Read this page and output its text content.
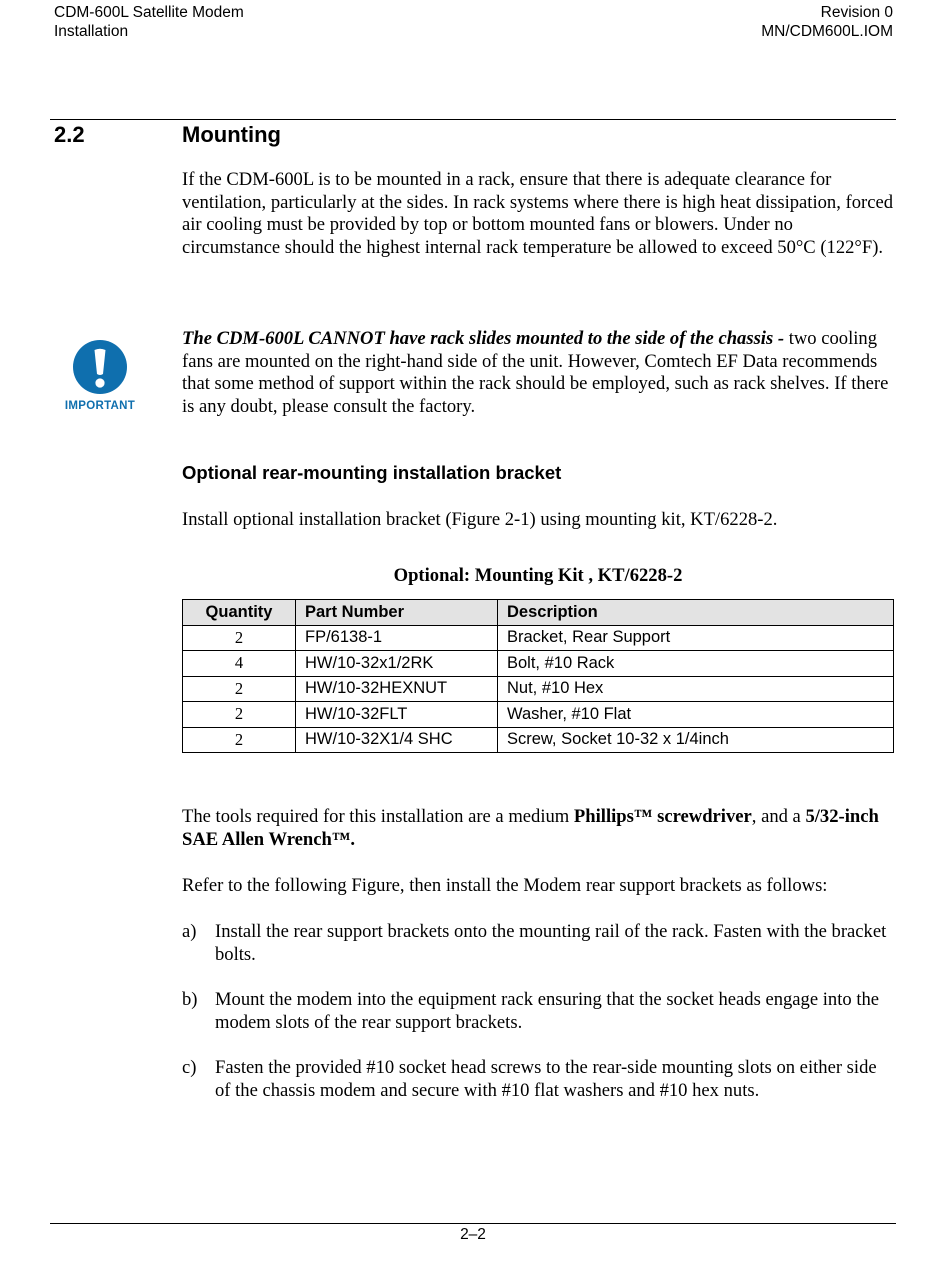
CDM-600L Satellite Modem
Installation
Revision 0
MN/CDM600L.IOM
2.2	Mounting

If the CDM-600L is to be mounted in a rack, ensure that there is adequate clearance for ventilation, particularly at the sides. In rack systems where there is high heat dissipation, forced air cooling must be provided by top or bottom mounted fans or blowers. Under no circumstance should the highest internal rack temperature be allowed to exceed 50°C (122°F).

IMPORTANT

The CDM-600L CANNOT have rack slides mounted to the side of the chassis - two cooling fans are mounted on the right-hand side of the unit. However, Comtech EF Data recommends that some method of support within the rack should be employed, such as rack shelves. If there is any doubt, please consult the factory.

Optional rear-mounting installation bracket

Install optional installation bracket (Figure 2-1) using mounting kit, KT/6228-2.

Optional: Mounting Kit , KT/6228-2
Quantity	Part Number	Description
2	FP/6138-1	Bracket, Rear Support
4	HW/10-32x1/2RK	Bolt, #10 Rack
2	HW/10-32HEXNUT	Nut, #10 Hex
2	HW/10-32FLT	Washer, #10 Flat
2	HW/10-32X1/4 SHC	Screw, Socket 10-32 x 1/4inch

The tools required for this installation are a medium Phillips™ screwdriver, and a 5/32-inch SAE Allen Wrench™.

Refer to the following Figure, then install the Modem rear support brackets as follows:

a) Install the rear support brackets onto the mounting rail of the rack. Fasten with the bracket bolts.
b) Mount the modem into the equipment rack ensuring that the socket heads engage into the modem slots of the rear support brackets.
c) Fasten the provided #10 socket head screws to the rear-side mounting slots on either side of the chassis modem and secure with #10 flat washers and #10 hex nuts.
2–2
